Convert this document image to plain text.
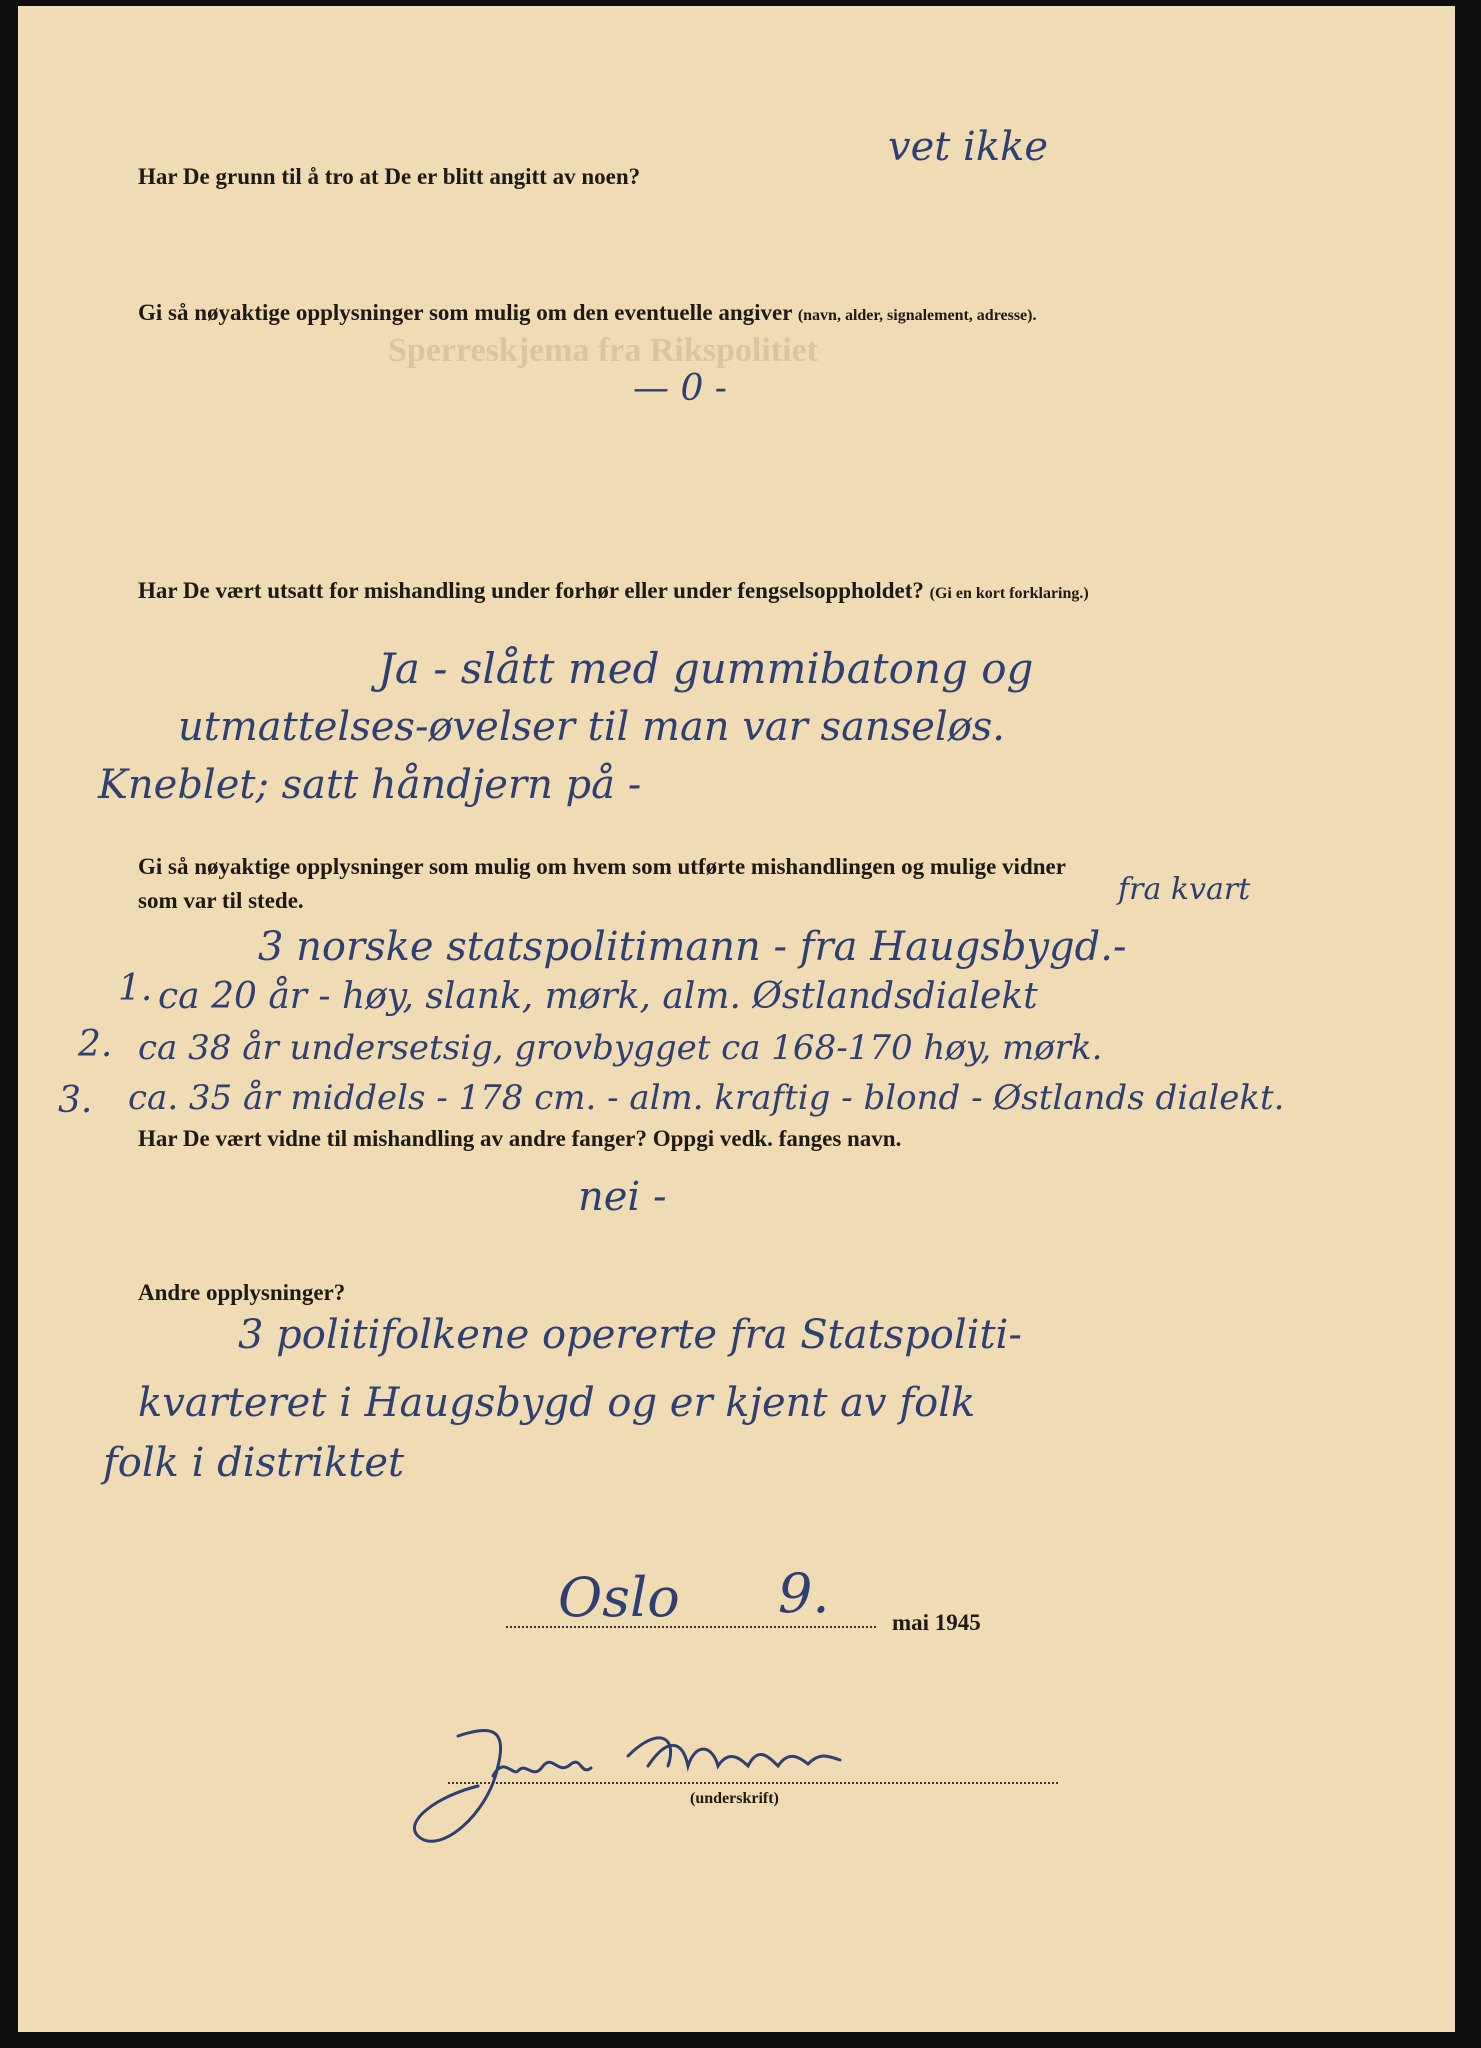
Sperreskjema fra Rikspolitiet

Har De grunn til å tro at De er blitt angitt av noen?

vet ikke

Gi så nøyaktige opplysninger som mulig om den eventuelle angiver (navn, alder, signalement, adresse).

— 0 -

Har De vært utsatt for mishandling under forhør eller under fengselsoppholdet? (Gi en kort forklaring.)

Ja - slått med gummibatong og

utmattelses-øvelser til man var sanseløs.

Kneblet; satt håndjern på -

Gi så nøyaktige opplysninger som mulig om hvem som utførte mishandlingen og mulige vidner

som var til stede.	fra kvart

3 norske statspolitimann - fra Haugsbygd.-

1. ca 20 år - høy, slank, mørk, alm. Østlandsdialekt

2. ca 38 år undersetsig, grovbygget ca 168-170 høy, mørk.

3. ca. 35 år middels - 178 cm. - alm. kraftig - blond - Østlands dialekt.

Har De vært vidne til mishandling av andre fanger? Oppgi vedk. fanges navn.

nei -

Andre opplysninger?

3 politifolkene opererte fra Statspoliti-

kvarteret i Haugsbygd og er kjent av folk

folk i distriktet

Oslo 9.	mai 1945

(underskrift)
